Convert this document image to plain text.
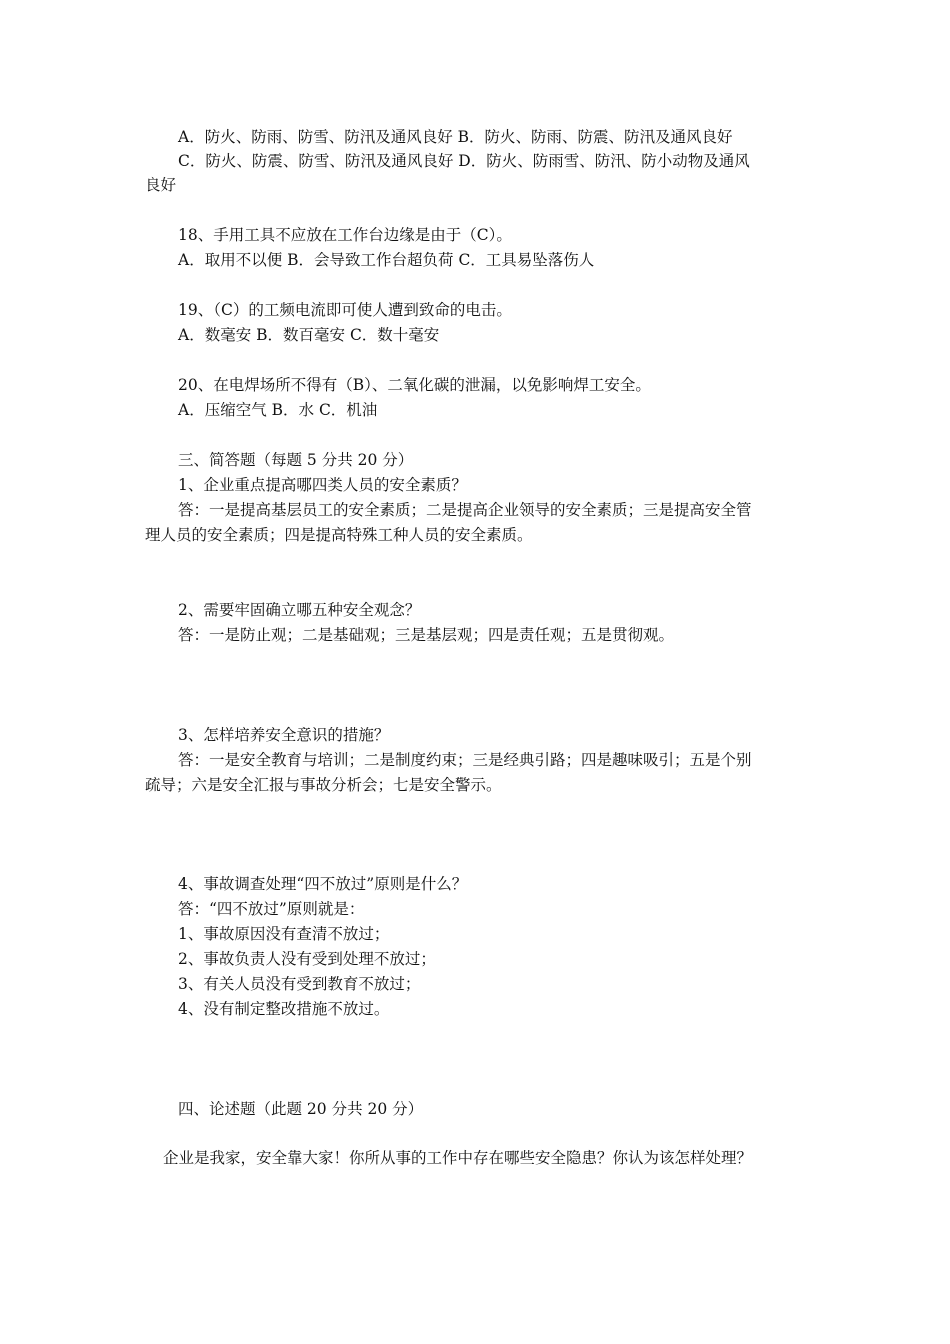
A．防火、防雨、防雪、防汛及通风良好 B．防火、防雨、防震、防汛及通风良好
C．防火、防震、防雪、防汛及通风良好 D．防火、防雨雪、防汛、防小动物及通风
良好
18、手用工具不应放在工作台边缘是由于（C）。
A．取用不以便 B．会导致工作台超负荷 C．工具易坠落伤人
19、（C）的工频电流即可使人遭到致命的电击。
A．数毫安 B．数百毫安 C．数十毫安
20、在电焊场所不得有（B）、二氧化碳的泄漏，以免影响焊工安全。
A．压缩空气 B．水 C．机油
三、简答题（每题 5 分共 20 分）
1、企业重点提高哪四类人员的安全素质？
答：一是提高基层员工的安全素质；二是提高企业领导的安全素质；三是提高安全管
理人员的安全素质；四是提高特殊工种人员的安全素质。
2、需要牢固确立哪五种安全观念？
答：一是防止观；二是基础观；三是基层观；四是责任观；五是贯彻观。
3、怎样培养安全意识的措施？
答：一是安全教育与培训；二是制度约束；三是经典引路；四是趣味吸引；五是个别
疏导；六是安全汇报与事故分析会；七是安全警示。
4、事故调查处理“四不放过”原则是什么？
答：“四不放过”原则就是：
1、事故原因没有查清不放过；
2、事故负责人没有受到处理不放过；
3、有关人员没有受到教育不放过；
4、没有制定整改措施不放过。
四、论述题（此题 20 分共 20 分）
企业是我家，安全靠大家！你所从事的工作中存在哪些安全隐患？你认为该怎样处理？
